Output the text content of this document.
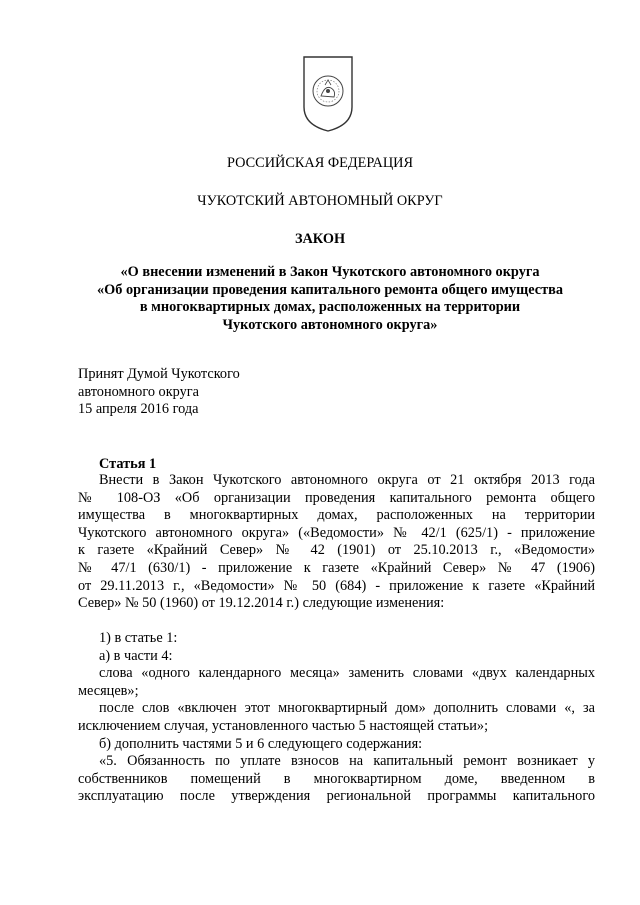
РОССИЙСКАЯ ФЕДЕРАЦИЯ
ЧУКОТСКИЙ АВТОНОМНЫЙ ОКРУГ
ЗАКОН
«О внесении изменений в Закон Чукотского автономного округа
«Об организации проведения капитального ремонта общего имущества
в многоквартирных домах, расположенных на территории
Чукотского автономного округа»
Принят Думой Чукотского
автономного округа
15 апреля 2016 года
Статья 1
Внести в Закон Чукотского автономного округа от 21 октября 2013 года
№ 108-ОЗ «Об организации проведения капитального ремонта общего
имущества в многоквартирных домах, расположенных на территории
Чукотского автономного округа» («Ведомости» № 42/1 (625/1) - приложение
к газете «Крайний Север» № 42 (1901) от 25.10.2013 г., «Ведомости»
№ 47/1 (630/1) - приложение к газете «Крайний Север» № 47 (1906)
от 29.11.2013 г., «Ведомости» № 50 (684) - приложение к газете «Крайний
Север» № 50 (1960) от 19.12.2014 г.) следующие изменения:
1) в статье 1:
а) в части 4:
слова «одного календарного месяца» заменить словами «двух календарных
месяцев»;
после слов «включен этот многоквартирный дом» дополнить словами «, за
исключением случая, установленного частью 5 настоящей статьи»;
б) дополнить частями 5 и 6 следующего содержания:
«5. Обязанность по уплате взносов на капитальный ремонт возникает у
собственников помещений в многоквартирном доме, введенном в
эксплуатацию после утверждения региональной программы капитального
